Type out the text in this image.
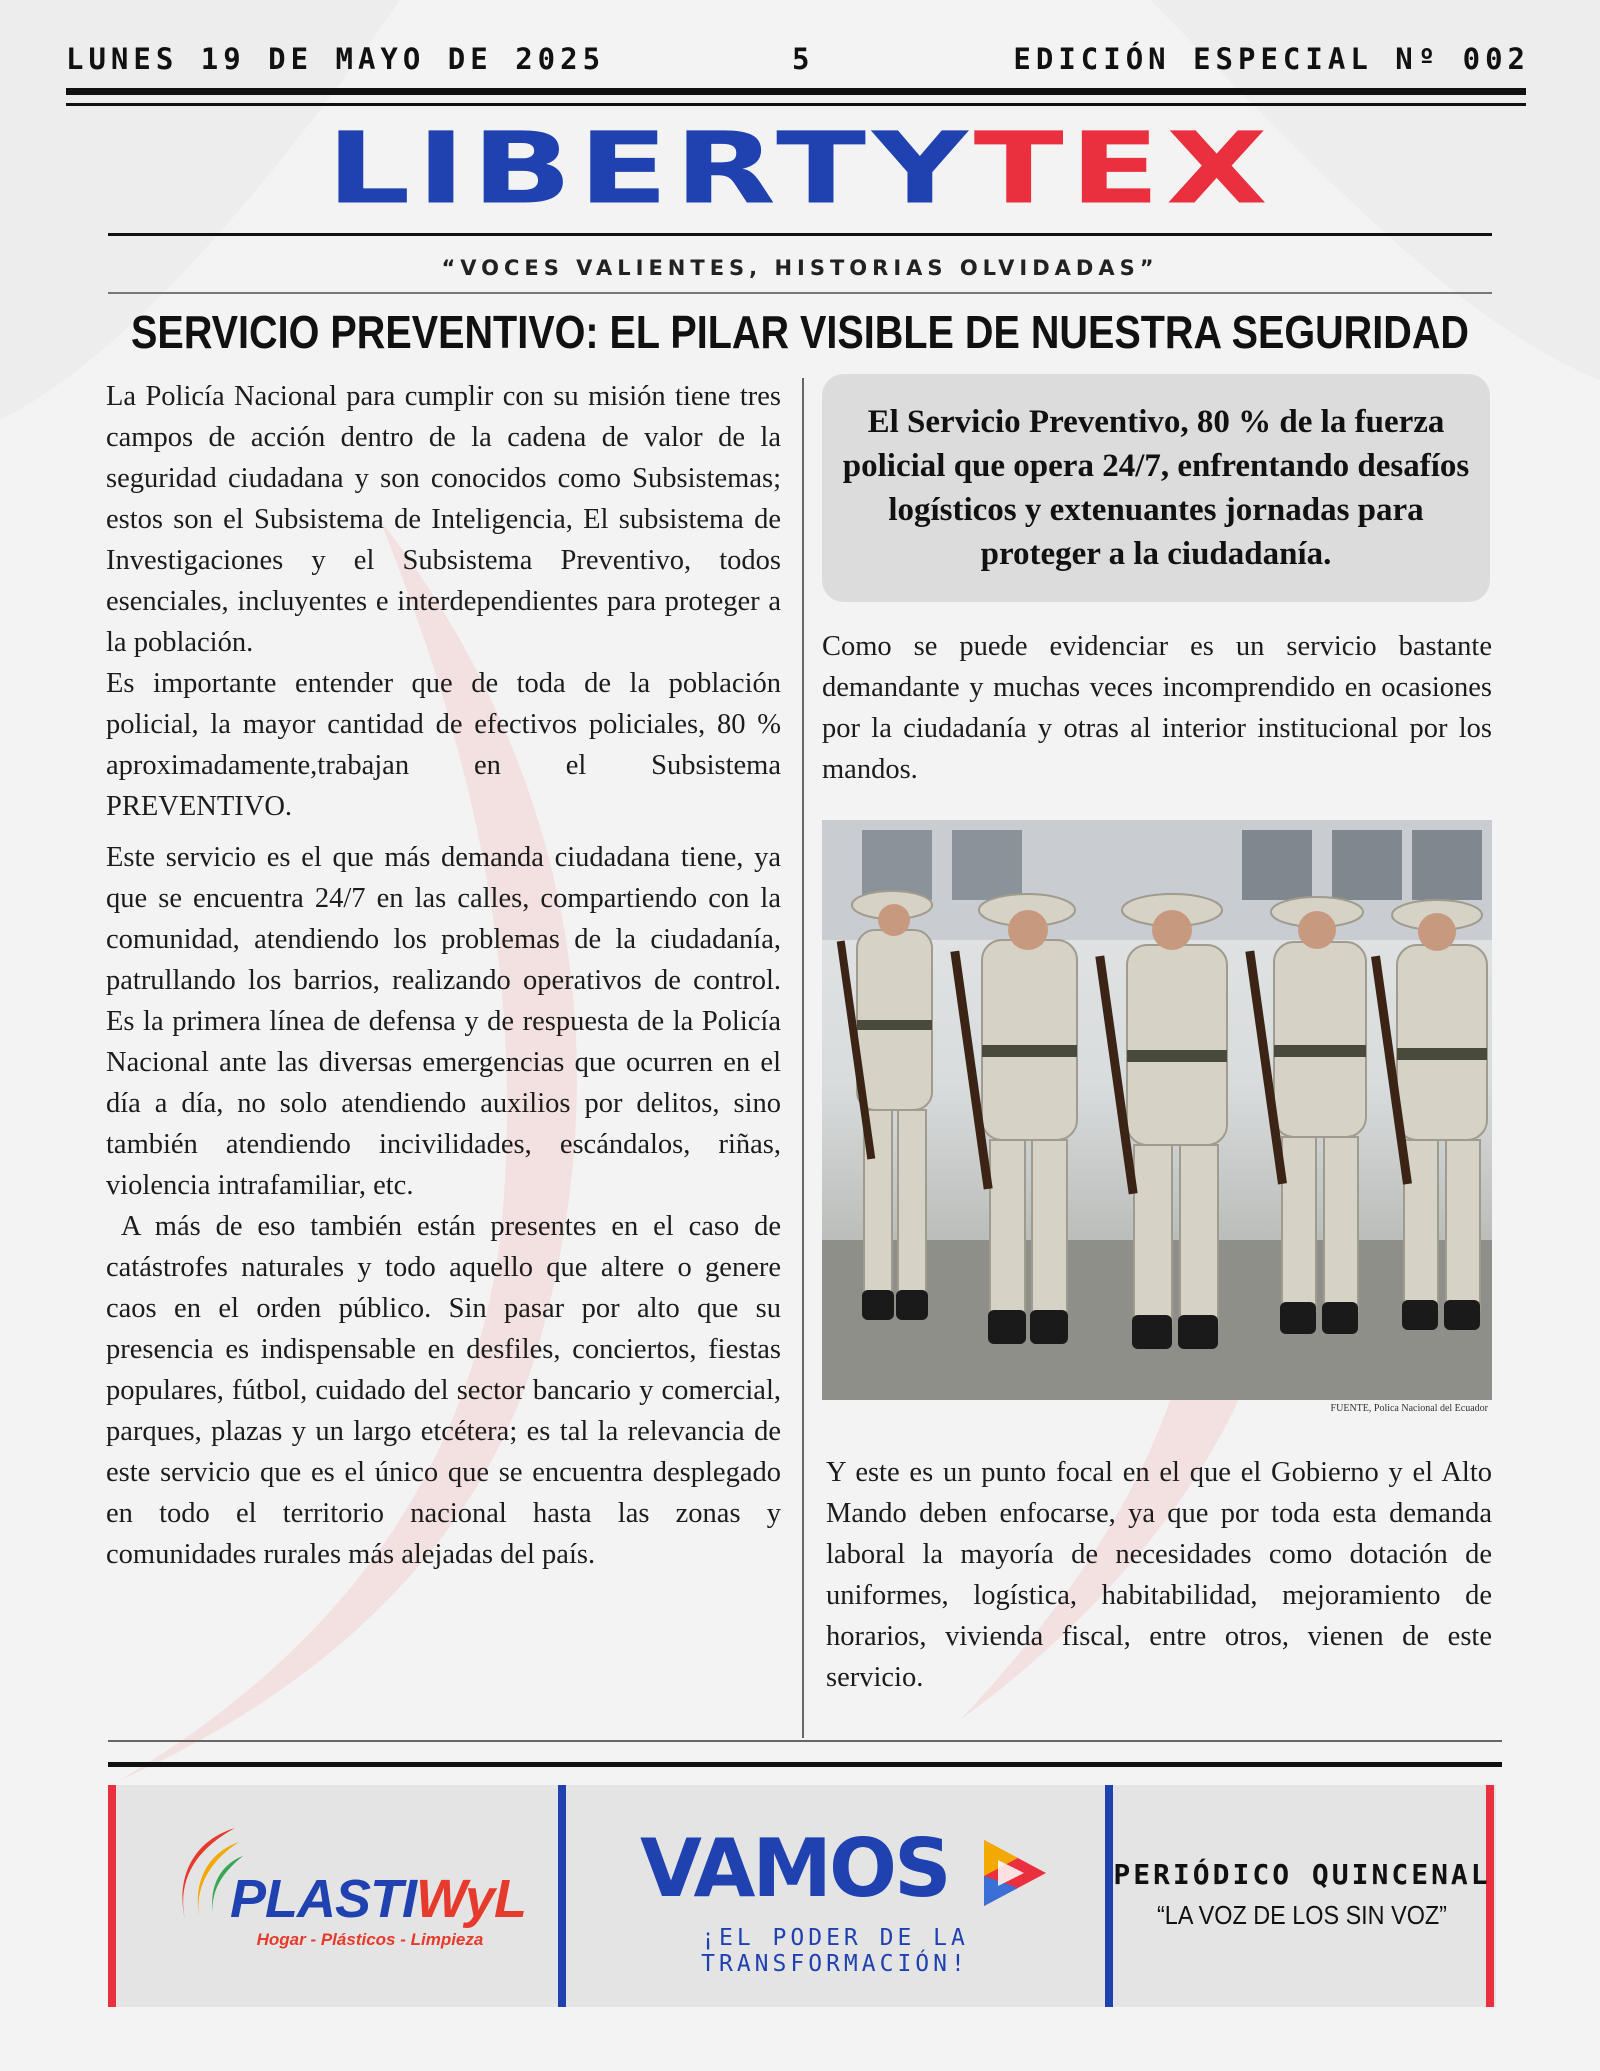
LUNES 19 DE MAYO DE 2025	5	EDICIÓN ESPECIAL Nº 002
LIBERTYTEX
“VOCES VALIENTES, HISTORIAS OLVIDADAS”
SERVICIO PREVENTIVO: EL PILAR VISIBLE DE NUESTRA SEGURIDAD

La Policía Nacional para cumplir con su misión tiene tres campos de acción dentro de la cadena de valor de la seguridad ciudadana y son conocidos como Subsistemas; estos son el Subsistema de Inteligencia, El subsistema de Investigaciones y el Subsistema Preventivo, todos esenciales, incluyentes e interdependientes para proteger a la población.

Es importante entender que de toda de la población policial, la mayor cantidad de efectivos policiales, 80 % aproximadamente,trabajan en el Subsistema PREVENTIVO.

Este servicio es el que más demanda ciudadana tiene, ya que se encuentra 24/7 en las calles, compartiendo con la comunidad, atendiendo los problemas de la ciudadanía, patrullando los barrios, realizando operativos de control. Es la primera línea de defensa y de respuesta de la Policía Nacional ante las diversas emergencias que ocurren en el día a día, no solo atendiendo auxilios por delitos, sino también atendiendo incivilidades, escándalos, riñas, violencia intrafamiliar, etc.

A más de eso también están presentes en el caso de catástrofes naturales y todo aquello que altere o genere caos en el orden público. Sin pasar por alto que su presencia es indispensable en desfiles, conciertos, fiestas populares, fútbol, cuidado del sector bancario y comercial, parques, plazas y un largo etcétera; es tal la relevancia de este servicio que es el único que se encuentra desplegado en todo el territorio nacional hasta las zonas y comunidades rurales más alejadas del país.

El Servicio Preventivo, 80 % de la fuerza policial que opera 24/7, enfrentando desafíos logísticos y extenuantes jornadas para proteger a la ciudadanía.

Como se puede evidenciar es un servicio bastante demandante y muchas veces incomprendido en ocasiones por la ciudadanía y otras al interior institucional por los mandos.

FUENTE, Polica Nacional del Ecuador

Y este es un punto focal en el que el Gobierno y el Alto Mando deben enfocarse, ya que por toda esta demanda laboral la mayoría de necesidades como dotación de uniformes, logística, habitabilidad, mejoramiento de horarios, vivienda fiscal, entre otros, vienen de este servicio.

PLASTIWyL
Hogar - Plásticos - Limpieza
VAMOS
¡EL PODER DE LA TRANSFORMACIÓN!
PERIÓDICO QUINCENAL
“LA VOZ DE LOS SIN VOZ”
